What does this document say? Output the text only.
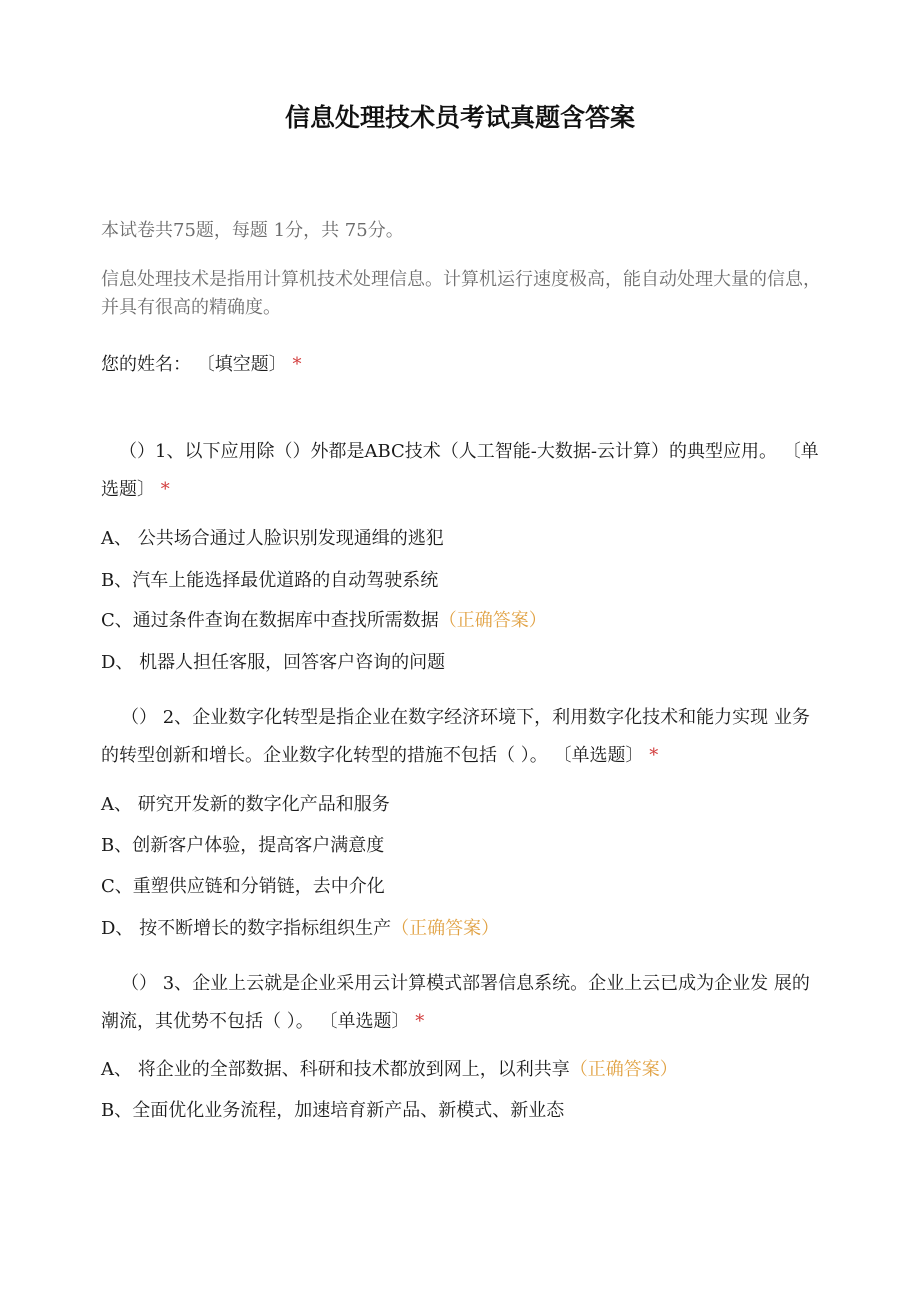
信息处理技术员考试真题含答案
本试卷共75题，每题 1分，共 75分。
信息处理技术是指用计算机技术处理信息。计算机运行速度极高，能自动处理大量的信息，并具有很高的精确度。
您的姓名： 〔填空题〕 *
（）1、以下应用除（）外都是ABC技术（人工智能-大数据-云计算）的典型应用。 〔单选题〕 *
A、 公共场合通过人脸识别发现通缉的逃犯
B、汽车上能选择最优道路的自动驾驶系统
C、通过条件查询在数据库中查找所需数据（正确答案）
D、 机器人担任客服，回答客户咨询的问题
（） 2、企业数字化转型是指企业在数字经济环境下，利用数字化技术和能力实现 业务的转型创新和增长。企业数字化转型的措施不包括（ ）。 〔单选题〕 *
A、 研究开发新的数字化产品和服务
B、创新客户体验，提高客户满意度
C、重塑供应链和分销链，去中介化
D、 按不断增长的数字指标组织生产（正确答案）
（） 3、企业上云就是企业采用云计算模式部署信息系统。企业上云已成为企业发 展的潮流，其优势不包括（ ）。 〔单选题〕 *
A、 将企业的全部数据、科研和技术都放到网上，以利共享（正确答案）
B、全面优化业务流程，加速培育新产品、新模式、新业态
